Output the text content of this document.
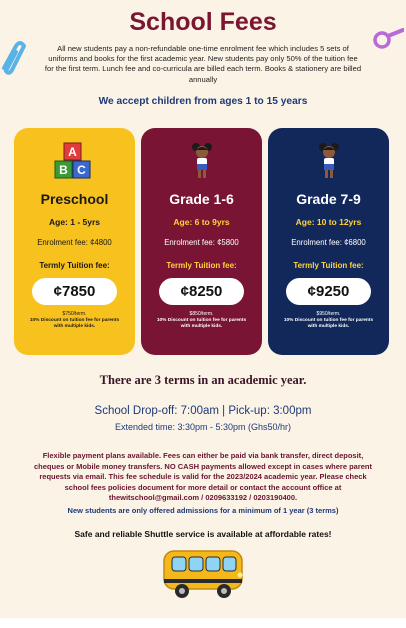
School Fees
All new students pay a non-refundable one-time enrolment fee which includes 5 sets of uniforms and books for the first academic year. New students pay only 50% of the tuition fee for the first term. Lunch fee and co-curricula are billed each term. Books & stationery are billed annually
We accept children from ages 1 to 15 years
A
B C
Preschool
Age: 1 - 5yrs
Enrolment fee: ¢4800
Termly Tuition fee:
¢7850
$750/term.
10% Discount on tuition fee for parents with multiple kids.
Grade 1-6
Age: 6 to 9yrs
Enrolment fee: ¢5800
Termly Tuition fee:
¢8250
$850/term.
10% Discount on tuition fee for parents with multiple kids.
Grade 7-9
Age: 10 to 12yrs
Enrolment fee: ¢6800
Termly Tuition fee:
¢9250
$950/term.
10% Discount on tuition fee for parents with multiple kids.
There are 3 terms in an academic year.
School Drop-off: 7:00am | Pick-up: 3:00pm
Extended time: 3:30pm - 5:30pm (Ghs50/hr)
Flexible payment plans available. Fees can either be paid via bank transfer, direct deposit, cheques or Mobile money transfers. NO CASH payments allowed except in cases where parent requests via email. This fee schedule is valid for the 2023/2024 academic year. Please check school fees policies document for more detail or contact the account office at thewitschool@gmail.com / 0209633192 / 0203190400.
New students are only offered admissions for a minimum of 1 year (3 terms)
Safe and reliable Shuttle service is available at affordable rates!
